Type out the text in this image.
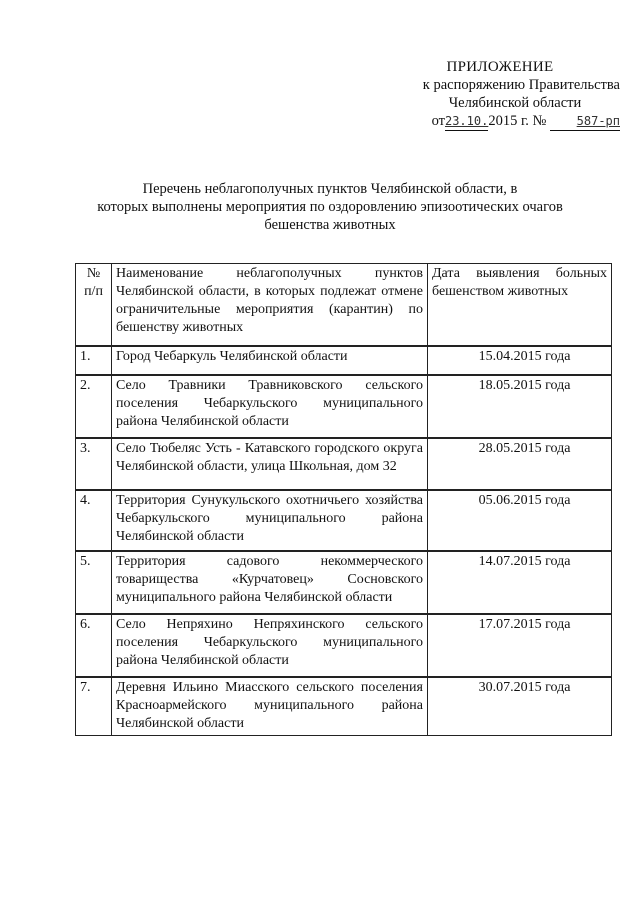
ПРИЛОЖЕНИЕ
к распоряжению Правительства
Челябинской области
от23.10.2015 г. №	587-рп
Перечень неблагополучных пунктов Челябинской области, в
которых выполнены мероприятия по оздоровлению эпизоотических очагов
бешенства животных
№ п/п	Наименование неблагополучных пунктов Челябинской области, в которых подлежат отмене ограничительные мероприятия (карантин) по бешенству животных	Дата выявления больных бешенством животных
1.	Город Чебаркуль Челябинской области	15.04.2015 года
2.	Село Травники Травниковского сельского поселения Чебаркульского муниципального района Челябинской области	18.05.2015 года
3.	Село Тюбеляс Усть - Катавского городского округа Челябинской области, улица Школьная, дом 32	28.05.2015 года
4.	Территория Сунукульского охотничьего хозяйства Чебаркульского муниципального района Челябинской области	05.06.2015 года
5.	Территория садового некоммерческого товарищества «Курчатовец» Сосновского муниципального района Челябинской области	14.07.2015 года
6.	Село Непряхино Непряхинского сельского поселения Чебаркульского муниципального района Челябинской области	17.07.2015 года
7.	Деревня Ильино Миасского сельского поселения Красноармейского муниципального района Челябинской области	30.07.2015 года
